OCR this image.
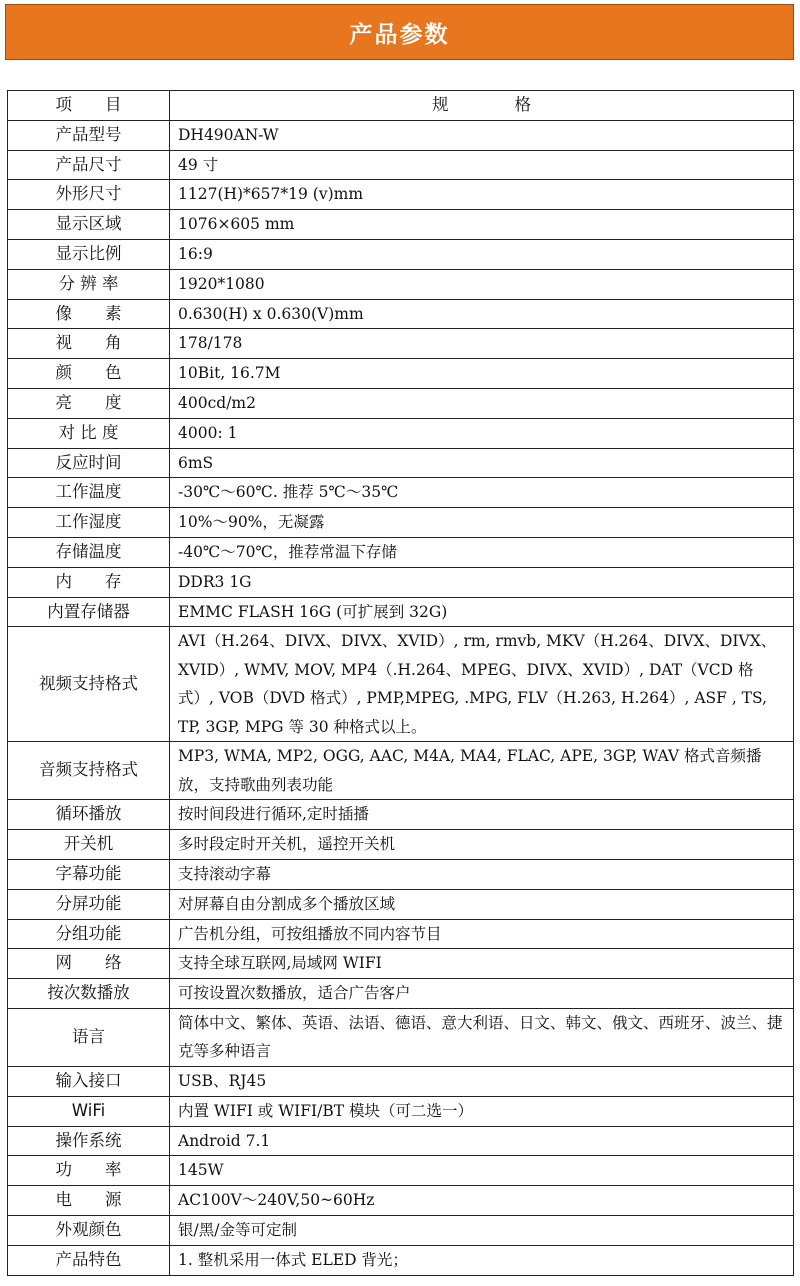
产品参数
项　　目	规　　　　格
产品型号	DH490AN-W
产品尺寸	49 寸
外形尺寸	1127(H)*657*19 (v)mm
显示区域	1076×605 mm
显示比例	16:9
分 辨 率	1920*1080
像　　素	0.630(H) x 0.630(V)mm
视　　角	178/178
颜　　色	10Bit, 16.7M
亮　　度	400cd/m2
对 比 度	4000: 1
反应时间	6mS
工作温度	-30℃～60℃. 推荐 5℃～35℃
工作湿度	10%～90%，无凝露
存储温度	-40℃～70℃，推荐常温下存储
内　　存	DDR3 1G
内置存储器	EMMC FLASH 16G (可扩展到 32G)
视频支持格式	AVI（H.264、DIVX、DIVX、XVID）, rm, rmvb, MKV（H.264、DIVX、DIVX、XVID）, WMV, MOV, MP4（.H.264、MPEG、DIVX、XVID）, DAT（VCD 格式）, VOB（DVD 格式）, PMP,MPEG, .MPG, FLV（H.263, H.264）, ASF , TS, TP, 3GP, MPG 等 30 种格式以上。
音频支持格式	MP3, WMA, MP2, OGG, AAC, M4A, MA4, FLAC, APE, 3GP, WAV 格式音频播放，支持歌曲列表功能
循环播放	按时间段进行循环,定时插播
开关机	多时段定时开关机，遥控开关机
字幕功能	支持滚动字幕
分屏功能	对屏幕自由分割成多个播放区域
分组功能	广告机分组，可按组播放不同内容节目
网　　络	支持全球互联网,局域网 WIFI
按次数播放	可按设置次数播放，适合广告客户
语言	简体中文、繁体、英语、法语、德语、意大利语、日文、韩文、俄文、西班牙、波兰、捷克等多种语言
输入接口	USB、RJ45
WiFi	内置 WIFI 或 WIFI/BT 模块（可二选一）
操作系统	Android 7.1
功　　率	145W
电　　源	AC100V～240V,50~60Hz
外观颜色	银/黑/金等可定制
产品特色	1. 整机采用一体式 ELED 背光；
